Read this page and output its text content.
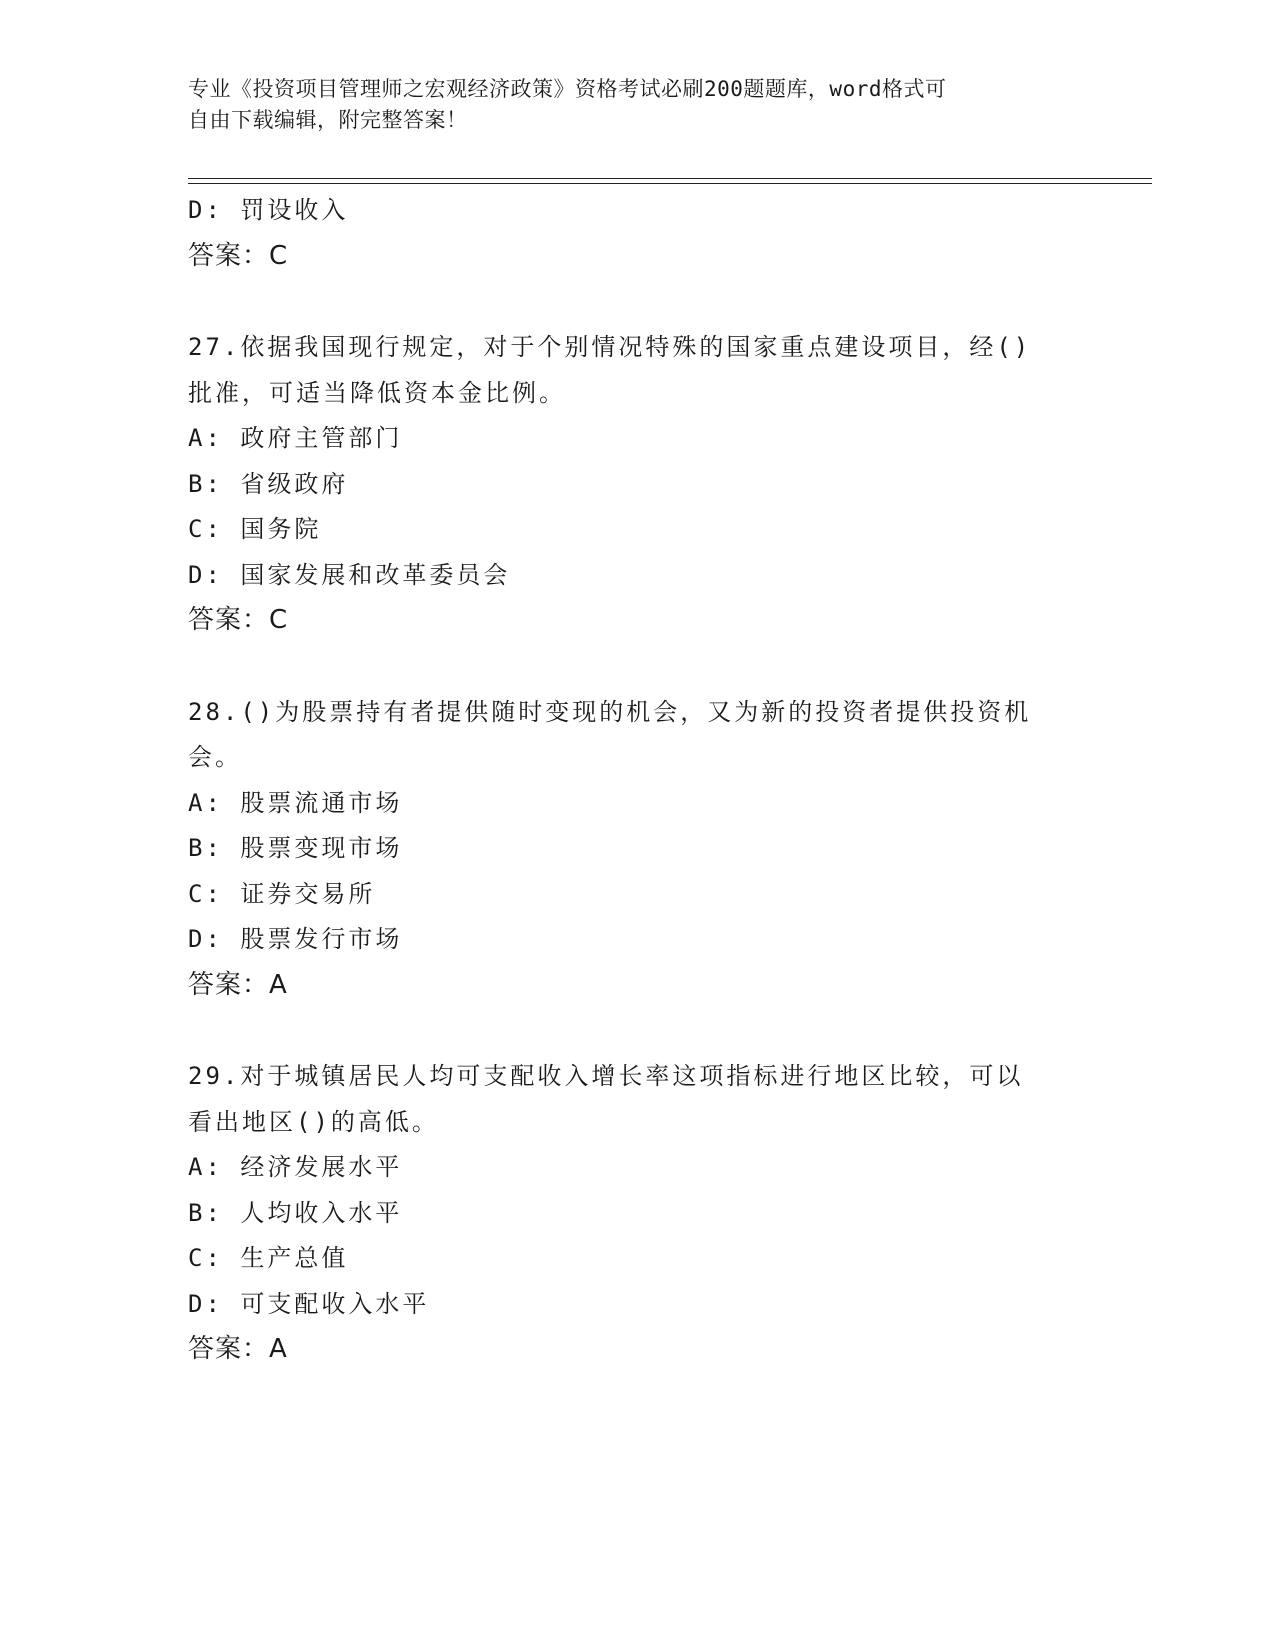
专业《投资项目管理师之宏观经济政策》资格考试必刷200题题库，word格式可
自由下载编辑，附完整答案！
D: 罚设收入
答案：C
27.依据我国现行规定，对于个别情况特殊的国家重点建设项目，经()
批准，可适当降低资本金比例。
A: 政府主管部门
B: 省级政府
C: 国务院
D: 国家发展和改革委员会
答案：C
28.()为股票持有者提供随时变现的机会，又为新的投资者提供投资机
会。
A: 股票流通市场
B: 股票变现市场
C: 证券交易所
D: 股票发行市场
答案：A
29.对于城镇居民人均可支配收入增长率这项指标进行地区比较，可以
看出地区()的高低。
A: 经济发展水平
B: 人均收入水平
C: 生产总值
D: 可支配收入水平
答案：A
